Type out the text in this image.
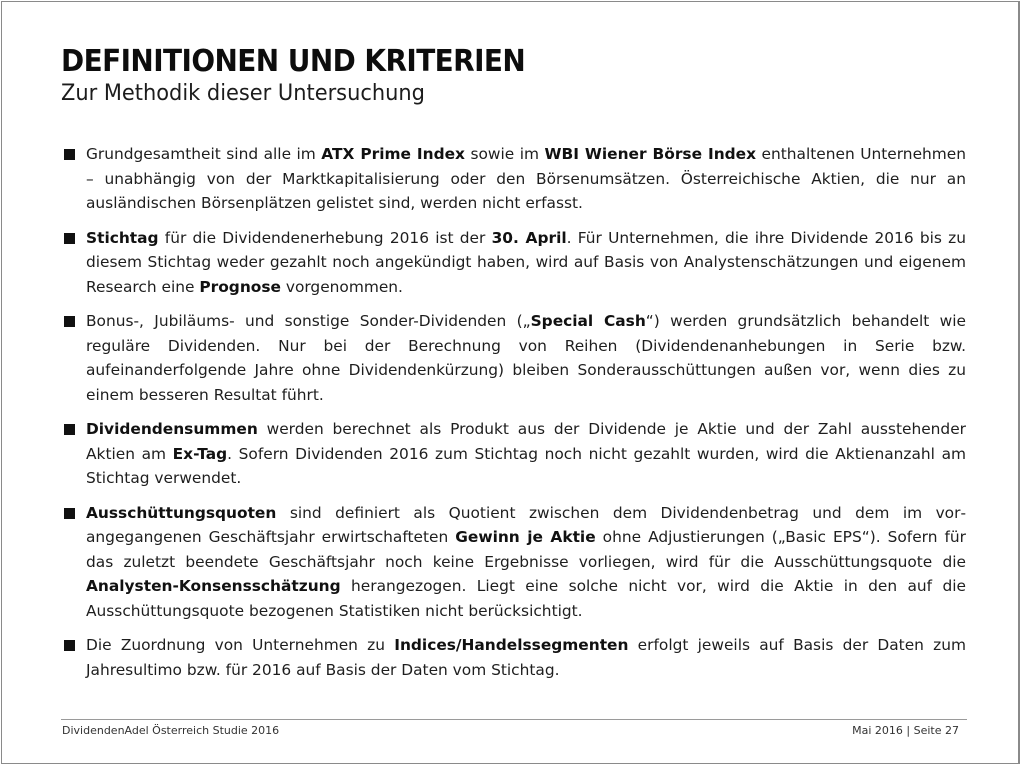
DEFINITIONEN UND KRITERIEN
Zur Methodik dieser Untersuchung
Grundgesamtheit sind alle im ATX Prime Index sowie im WBI Wiener Börse Index enthaltenen Unternehmen – unabhängig von der Marktkapitalisierung oder den Börsenumsätzen. Österreichische Aktien, die nur an ausländischen Börsenplätzen gelistet sind, werden nicht erfasst.
Stichtag für die Dividendenerhebung 2016 ist der 30. April. Für Unternehmen, die ihre Dividende 2016 bis zu diesem Stichtag weder gezahlt noch angekündigt haben, wird auf Basis von Analystenschätzungen und eigenem Research eine Prognose vorgenommen.
Bonus-, Jubiläums- und sonstige Sonder-Dividenden („Special Cash“) werden grundsätzlich behandelt wie reguläre Dividenden. Nur bei der Berechnung von Reihen (Dividendenanhebungen in Serie bzw. aufeinanderfolgende Jahre ohne Dividendenkürzung) bleiben Sonderausschüttungen außen vor, wenn dies zu einem besseren Resultat führt.
Dividendensummen werden berechnet als Produkt aus der Dividende je Aktie und der Zahl ausstehender Aktien am Ex-Tag. Sofern Dividenden 2016 zum Stichtag noch nicht gezahlt wurden, wird die Aktienanzahl am Stichtag verwendet.
Ausschüttungsquoten sind definiert als Quotient zwischen dem Dividendenbetrag und dem im vorangegangenen Geschäftsjahr erwirtschafteten Gewinn je Aktie ohne Adjustierungen („Basic EPS“). Sofern für das zuletzt beendete Geschäftsjahr noch keine Ergebnisse vorliegen, wird für die Ausschüttungsquote die Analysten-Konsensschätzung herangezogen. Liegt eine solche nicht vor, wird die Aktie in den auf die Ausschüttungsquote bezogenen Statistiken nicht berücksichtigt.
Die Zuordnung von Unternehmen zu Indices/Handelssegmenten erfolgt jeweils auf Basis der Daten zum Jahresultimo bzw. für 2016 auf Basis der Daten vom Stichtag.
DividendenAdel Österreich Studie 2016	Mai 2016 | Seite 27
